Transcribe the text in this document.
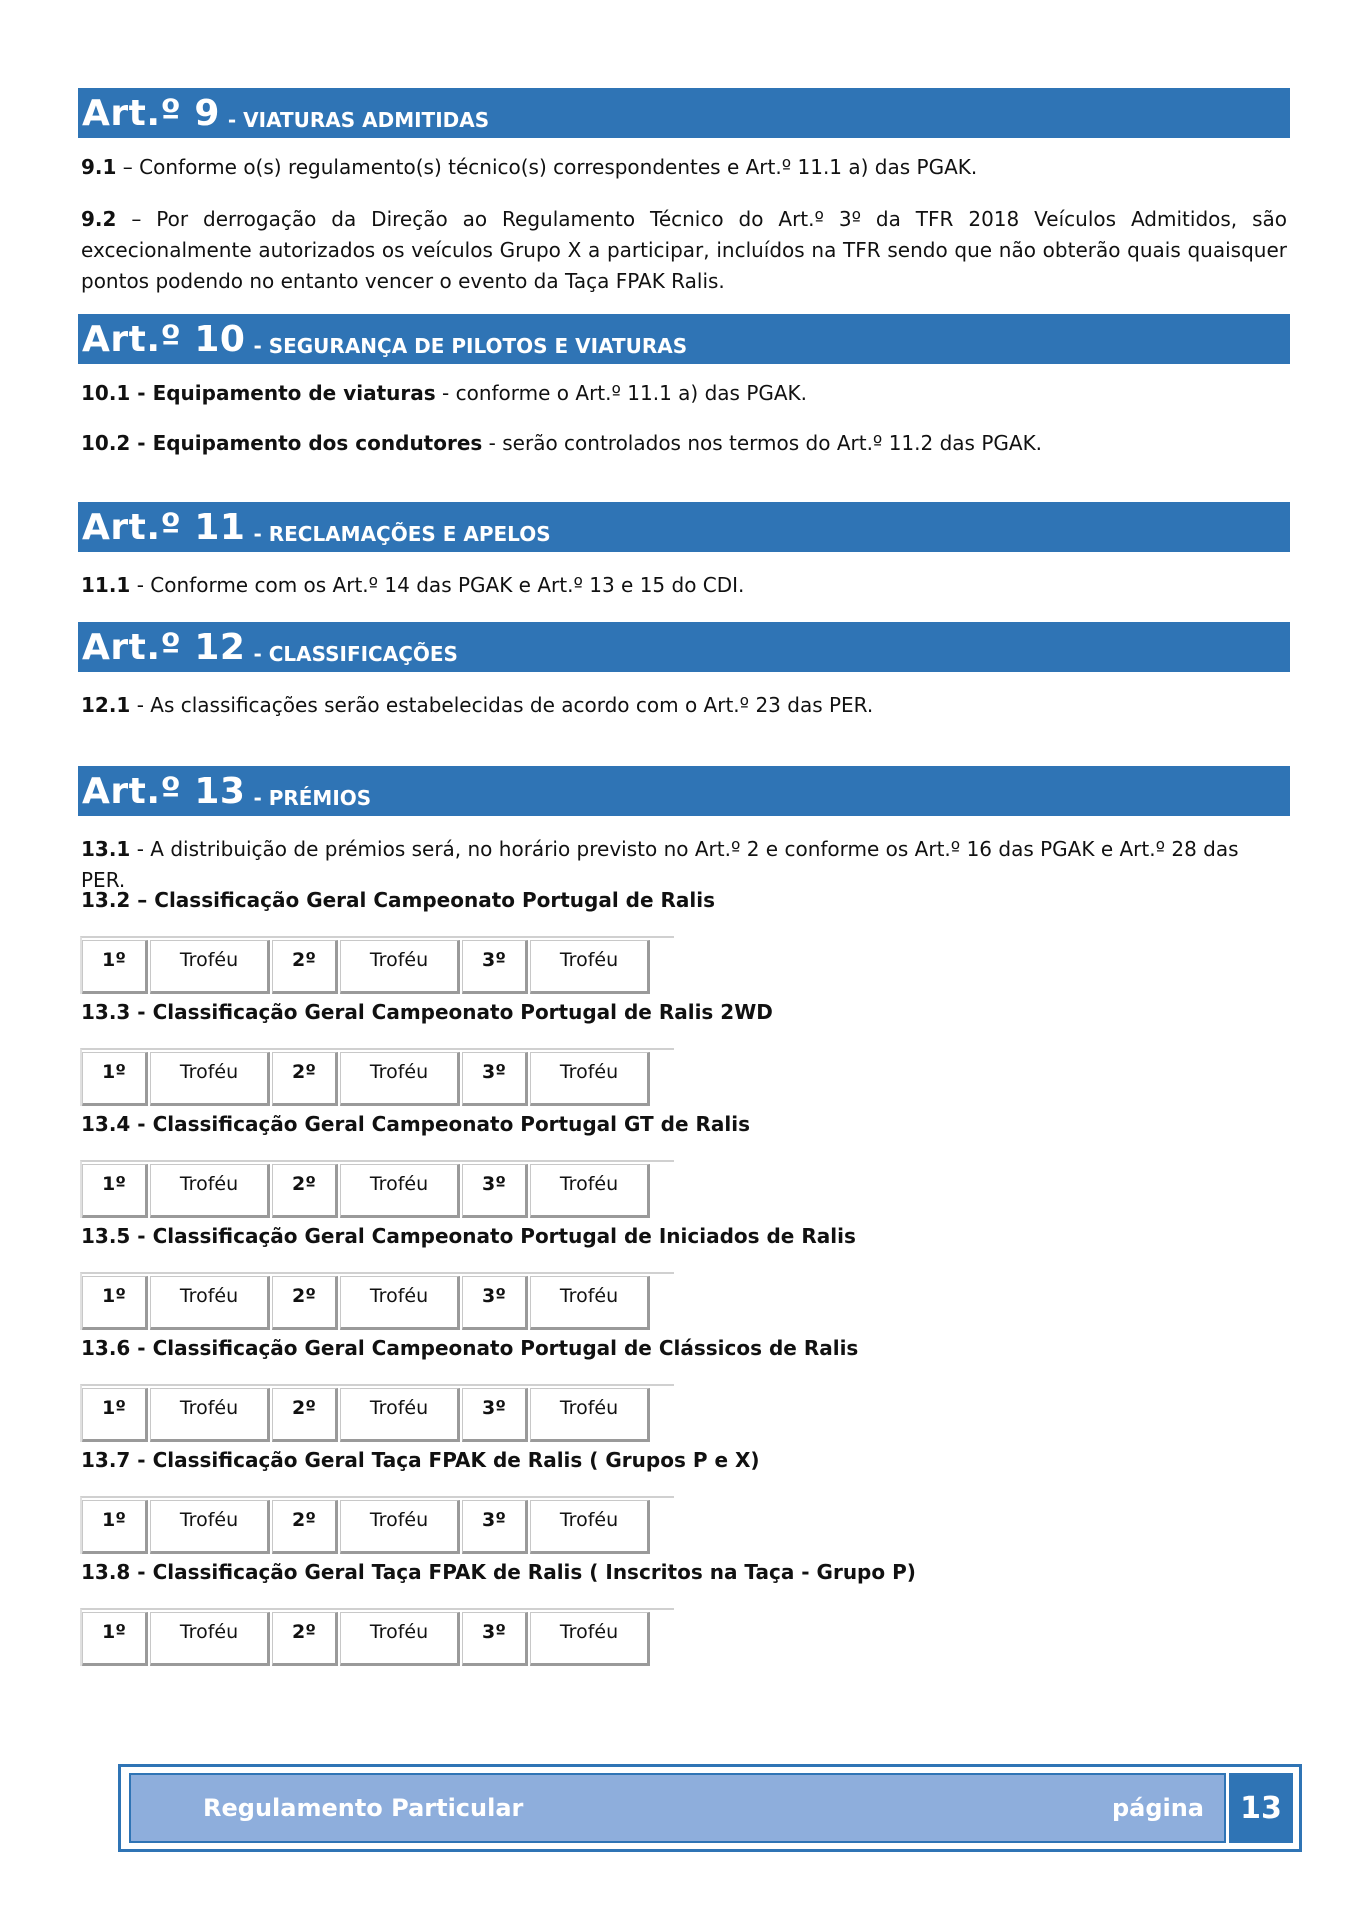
Art.º 9 - VIATURAS ADMITIDAS
9.1 – Conforme o(s) regulamento(s) técnico(s) correspondentes e Art.º 11.1 a) das PGAK.
9.2 – Por derrogação da Direção ao Regulamento Técnico do Art.º 3º da TFR 2018 Veículos Admitidos, são excecionalmente autorizados os veículos Grupo X a participar, incluídos na TFR sendo que não obterão quais quaisquer pontos podendo no entanto vencer o evento da Taça FPAK Ralis.
Art.º 10 - SEGURANÇA DE PILOTOS E VIATURAS
10.1 - Equipamento de viaturas - conforme o Art.º 11.1 a) das PGAK.
10.2 - Equipamento dos condutores - serão controlados nos termos do Art.º 11.2 das PGAK.
Art.º 11 - RECLAMAÇÕES E APELOS
11.1 - Conforme com os Art.º 14 das PGAK e Art.º 13 e 15 do CDI.
Art.º 12 - CLASSIFICAÇÕES
12.1 - As classificações serão estabelecidas de acordo com o Art.º 23 das PER.
Art.º 13 - PRÉMIOS
13.1 - A distribuição de prémios será, no horário previsto no Art.º 2 e conforme os Art.º 16 das PGAK e Art.º 28 das PER.
13.2 – Classificação Geral Campeonato Portugal de Ralis
1º	Troféu	2º	Troféu	3º	Troféu
13.3 - Classificação Geral Campeonato Portugal de Ralis 2WD
1º	Troféu	2º	Troféu	3º	Troféu
13.4 - Classificação Geral Campeonato Portugal GT de Ralis
1º	Troféu	2º	Troféu	3º	Troféu
13.5 - Classificação Geral Campeonato Portugal de Iniciados de Ralis
1º	Troféu	2º	Troféu	3º	Troféu
13.6 - Classificação Geral Campeonato Portugal de Clássicos de Ralis
1º	Troféu	2º	Troféu	3º	Troféu
13.7 - Classificação Geral Taça FPAK de Ralis ( Grupos P e X)
1º	Troféu	2º	Troféu	3º	Troféu
13.8 - Classificação Geral Taça FPAK de Ralis ( Inscritos na Taça - Grupo P)
1º	Troféu	2º	Troféu	3º	Troféu
Regulamento Particular	página	13
